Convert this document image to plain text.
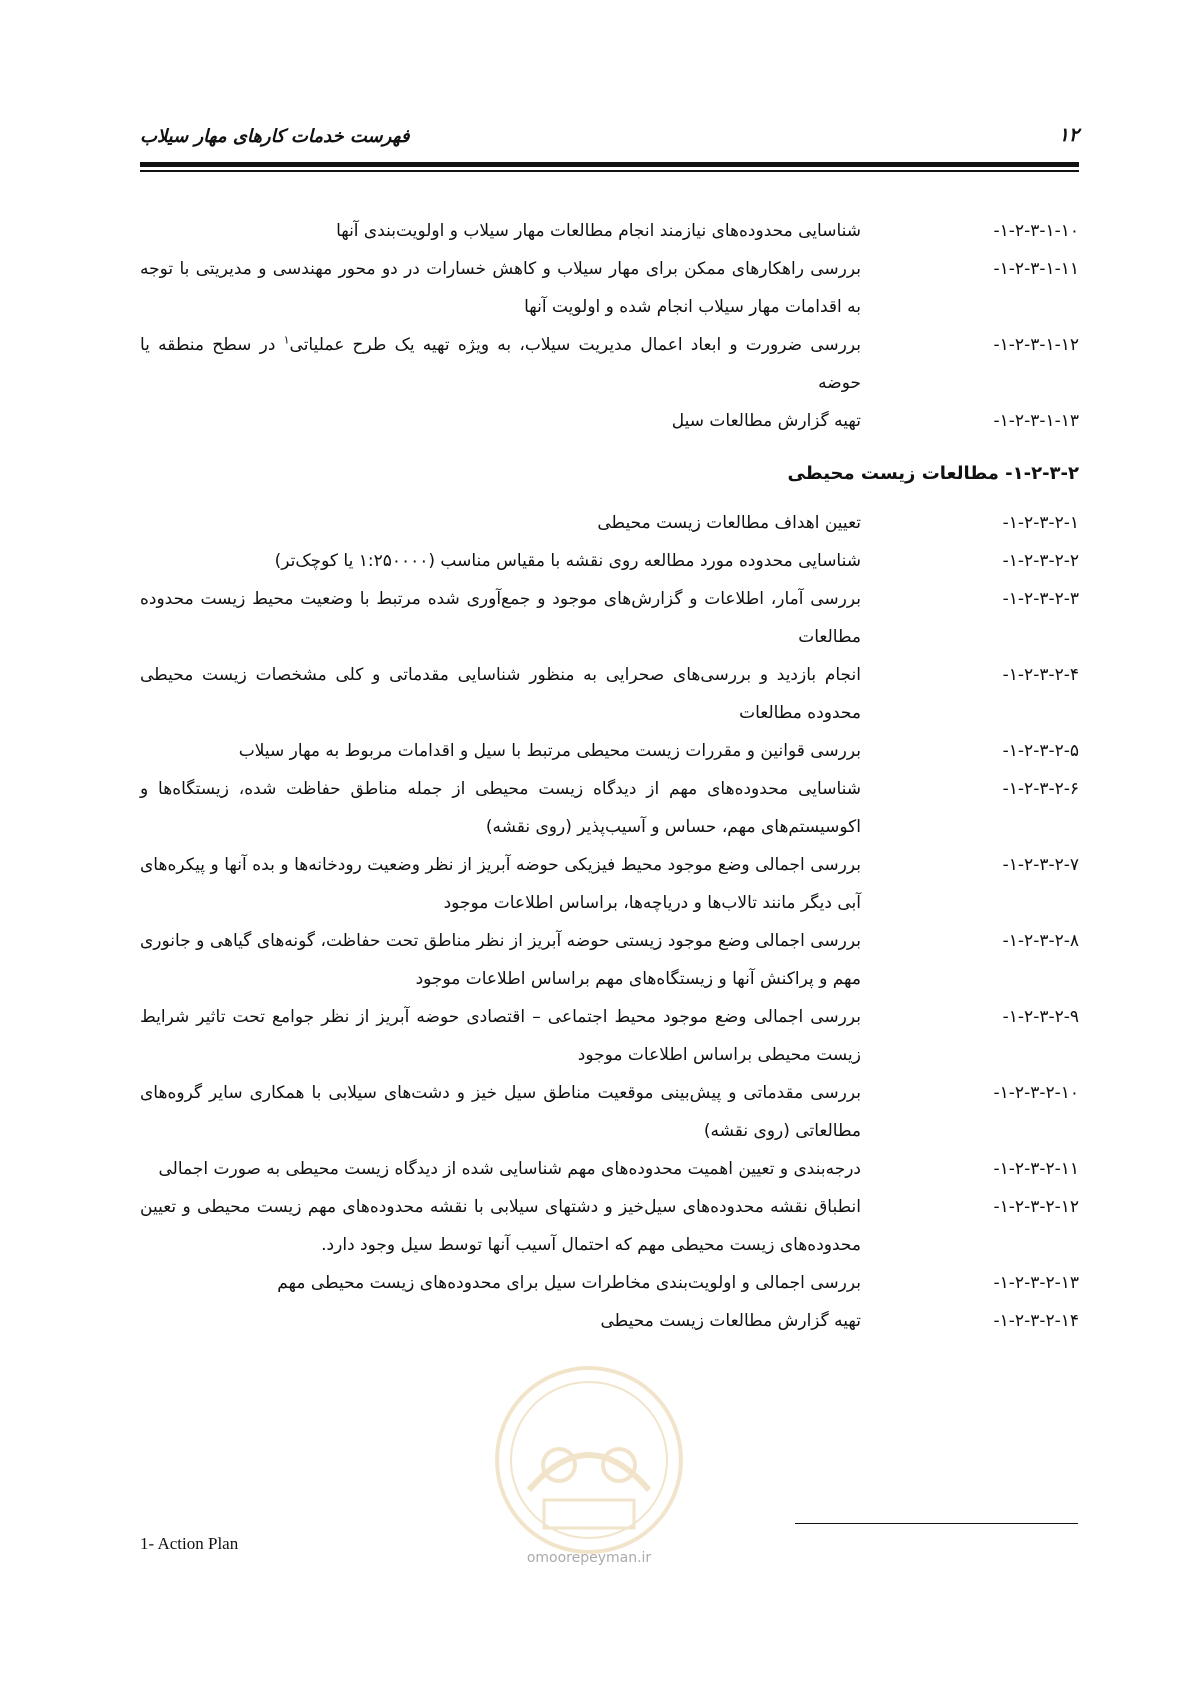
فهرست خدمات کارهای مهار سیلاب	۱۲
۱-۲-۳-۱-۱۰-
شناسایی محدوده‌های نیازمند انجام مطالعات مهار سیلاب و اولویت‌بندی آنها
۱-۲-۳-۱-۱۱-
بررسی راهکارهای ممکن برای مهار سیلاب و کاهش خسارات در دو محور مهندسی و مدیریتی با توجه به اقدامات مهار سیلاب انجام شده و اولویت آنها
۱-۲-۳-۱-۱۲-
بررسی ضرورت و ابعاد اعمال مدیریت سیلاب، به ویژه تهیه یک طرح عملیاتی$^۱$ در سطح منطقه یا حوضه
۱-۲-۳-۱-۱۳-
تهیه گزارش مطالعات سیل
۱-۲-۳-۲- مطالعات زیست محیطی
۱-۲-۳-۲-۱-
تعیین اهداف مطالعات زیست محیطی
۱-۲-۳-۲-۲-
شناسایی محدوده مورد مطالعه روی نقشه با مقیاس مناسب (۱:۲۵۰۰۰۰ یا کوچک‌تر)
۱-۲-۳-۲-۳-
بررسی آمار، اطلاعات و گزارش‌های موجود و جمع‌آوری شده مرتبط با وضعیت محیط زیست محدوده مطالعات
۱-۲-۳-۲-۴-
انجام بازدید و بررسی‌های صحرایی به منظور شناسایی مقدماتی و کلی مشخصات زیست محیطی محدوده مطالعات
۱-۲-۳-۲-۵-
بررسی قوانین و مقررات زیست محیطی مرتبط با سیل و اقدامات مربوط به مهار سیلاب
۱-۲-۳-۲-۶-
شناسایی محدوده‌های مهم از دیدگاه زیست محیطی از جمله مناطق حفاظت شده، زیستگاه‌ها و اکوسیستم‌های مهم، حساس و آسیب‌پذیر (روی نقشه)
۱-۲-۳-۲-۷-
بررسی اجمالی وضع موجود محیط فیزیکی حوضه آبریز از نظر وضعیت رودخانه‌ها و بده آنها و پیکره‌های آبی دیگر مانند تالاب‌ها و دریاچه‌ها، براساس اطلاعات موجود
۱-۲-۳-۲-۸-
بررسی اجمالی وضع موجود زیستی حوضه آبریز از نظر مناطق تحت حفاظت، گونه‌های گیاهی و جانوری مهم و پراکنش آنها و زیستگاه‌های مهم براساس اطلاعات موجود
۱-۲-۳-۲-۹-
بررسی اجمالی وضع موجود محیط اجتماعی – اقتصادی حوضه آبریز از نظر جوامع تحت تاثیر شرایط زیست محیطی براساس اطلاعات موجود
۱-۲-۳-۲-۱۰-
بررسی مقدماتی و پیش‌بینی موقعیت مناطق سیل خیز و دشت‌های سیلابی با همکاری سایر گروه‌های مطالعاتی (روی نقشه)
۱-۲-۳-۲-۱۱-
درجه‌بندی و تعیین اهمیت محدوده‌های مهم شناسایی شده از دیدگاه زیست محیطی به صورت اجمالی
۱-۲-۳-۲-۱۲-
انطباق نقشه محدوده‌های سیل‌خیز و دشتهای سیلابی با نقشه محدوده‌های مهم زیست محیطی و تعیین محدوده‌های زیست محیطی مهم که احتمال آسیب آنها توسط سیل وجود دارد.
۱-۲-۳-۲-۱۳-
بررسی اجمالی و اولویت‌بندی مخاطرات سیل برای محدوده‌های زیست محیطی مهم
۱-۲-۳-۲-۱۴-
تهیه گزارش مطالعات زیست محیطی
omoorepeyman.ir
1- Action Plan
